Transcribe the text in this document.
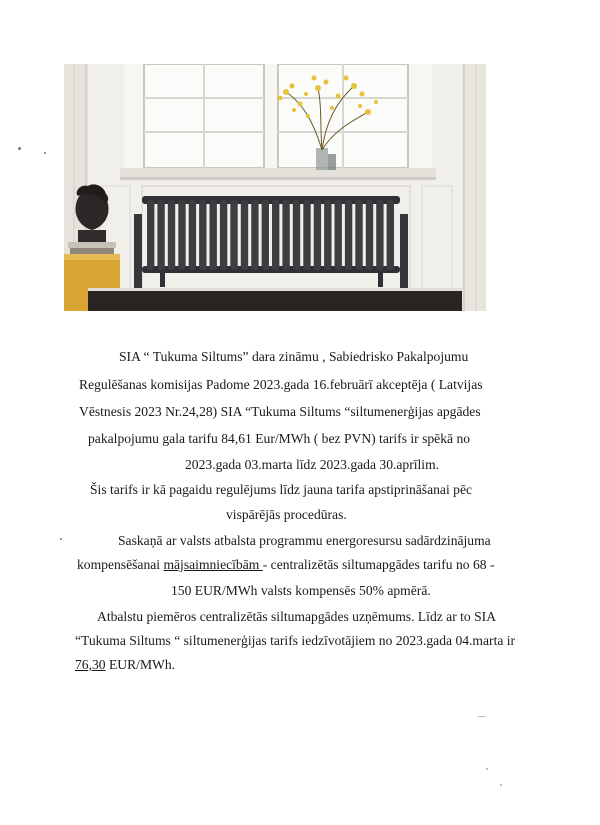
SIA “ Tukuma Siltums” dara zināmu , Sabiedrisko Pakalpojumu
Regulēšanas komisijas Padome 2023.gada 16.februārī akceptēja ( Latvijas
Vēstnesis 2023 Nr.24,28) SIA “Tukuma Siltums “siltumenerģijas apgādes
pakalpojumu gala tarifu 84,61 Eur/MWh ( bez PVN) tarifs ir spēkā no
2023.gada 03.marta līdz 2023.gada 30.aprīlim.
Šis tarifs ir kā pagaidu regulējums līdz jauna tarifa apstiprināšanai pēc
vispārējās procedūras.
Saskaņā ar valsts atbalsta programmu energoresursu sadārdzinājuma
kompensēšanai mājsaimniecībām - centralizētās siltumapgādes tarifu no 68 -
150 EUR/MWh valsts kompensēs 50% apmērā.
Atbalstu piemēros centralizētās siltumapgādes uzņēmums. Līdz ar to SIA
“Tukuma Siltums “ siltumenerģijas tarifs iedzīvotājiem no 2023.gada 04.marta ir
76,30 EUR/MWh.
